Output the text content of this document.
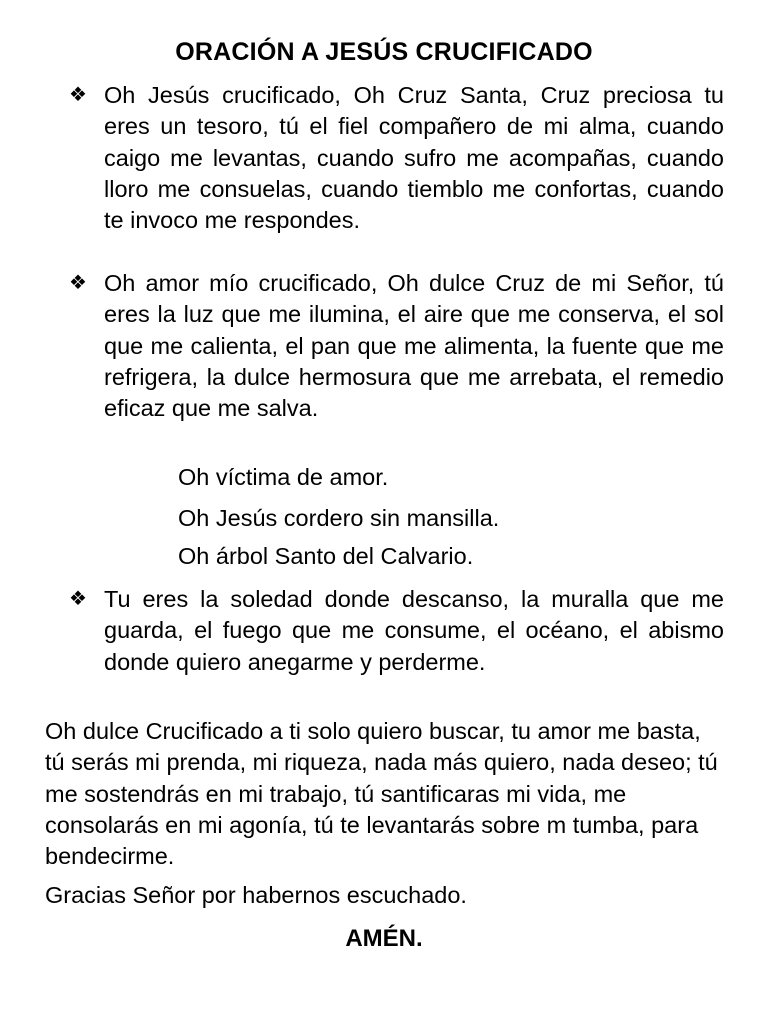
ORACIÓN A JESÚS CRUCIFICADO
❖ Oh Jesús crucificado, Oh Cruz Santa, Cruz preciosa tu eres un tesoro, tú el fiel compañero de mi alma, cuando caigo me levantas, cuando sufro me acompañas, cuando lloro me consuelas, cuando tiemblo me confortas, cuando te invoco me respondes.
❖ Oh amor mío crucificado, Oh dulce Cruz de mi Señor, tú eres la luz que me ilumina, el aire que me conserva, el sol que me calienta, el pan que me alimenta, la fuente que me refrigera, la dulce hermosura que me arrebata, el remedio eficaz que me salva.
Oh víctima de amor.
Oh Jesús cordero sin mansilla.
Oh árbol Santo del Calvario.
❖ Tu eres la soledad donde descanso, la muralla que me guarda, el fuego que me consume, el océano, el abismo donde quiero anegarme y perderme.
Oh dulce Crucificado a ti solo quiero buscar, tu amor me basta, tú serás mi prenda, mi riqueza, nada más quiero, nada deseo; tú me sostendrás en mi trabajo, tú santificaras mi vida, me consolarás en mi agonía, tú te levantarás sobre m tumba, para bendecirme.
Gracias Señor por habernos escuchado.
AMÉN.
